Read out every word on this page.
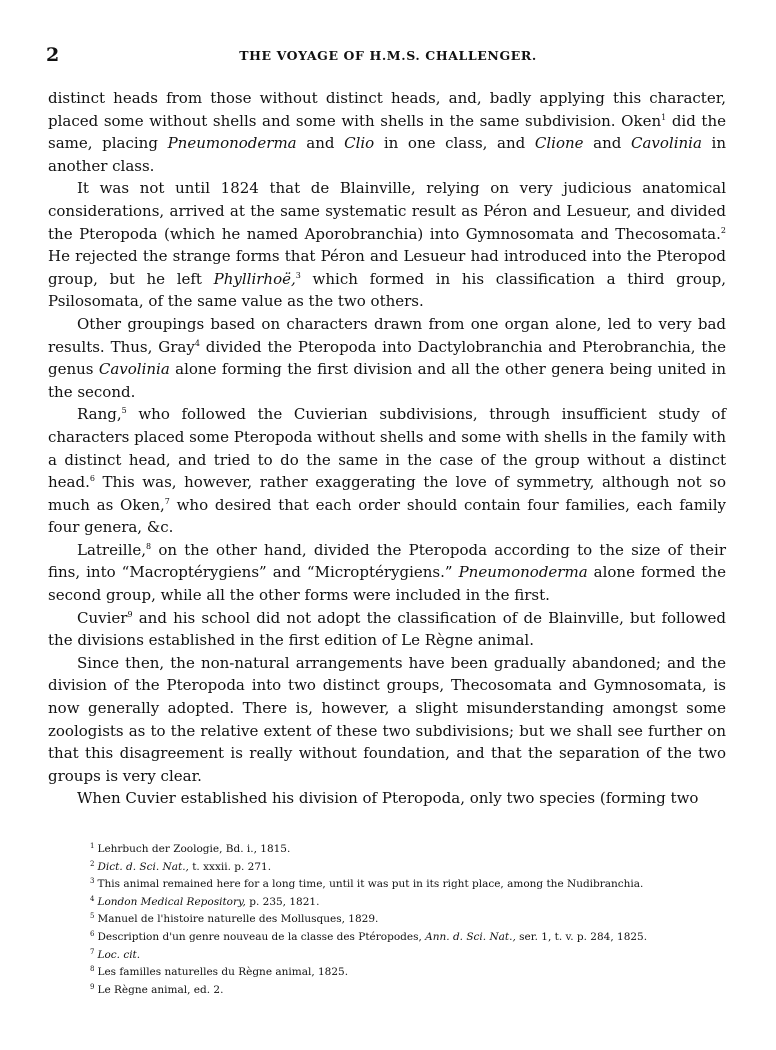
2	THE VOYAGE OF H.M.S. CHALLENGER.

distinct heads from those without distinct heads, and, badly applying this character, placed some without shells and some with shells in the same subdivision. Oken$^1$ did the same, placing Pneumonoderma and Clio in one class, and Clione and Cavolinia in another class.

It was not until 1824 that de Blainville, relying on very judicious anatomical considerations, arrived at the same systematic result as Péron and Lesueur, and divided the Pteropoda (which he named Aporobranchia) into Gymnosomata and Thecosomata.$^2$ He rejected the strange forms that Péron and Lesueur had introduced into the Pteropod group, but he left Phyllirhoë,$^3$ which formed in his classification a third group, Psilosomata, of the same value as the two others.

Other groupings based on characters drawn from one organ alone, led to very bad results. Thus, Gray$^4$ divided the Pteropoda into Dactylobranchia and Pterobranchia, the genus Cavolinia alone forming the first division and all the other genera being united in the second.

Rang,$^5$ who followed the Cuvierian subdivisions, through insufficient study of characters placed some Pteropoda without shells and some with shells in the family with a distinct head, and tried to do the same in the case of the group without a distinct head.$^6$ This was, however, rather exaggerating the love of symmetry, although not so much as Oken,$^7$ who desired that each order should contain four families, each family four genera, &c.

Latreille,$^8$ on the other hand, divided the Pteropoda according to the size of their fins, into “Macroptérygiens” and “Microptérygiens.” Pneumonoderma alone formed the second group, while all the other forms were included in the first.

Cuvier$^9$ and his school did not adopt the classification of de Blainville, but followed the divisions established in the first edition of Le Règne animal.

Since then, the non-natural arrangements have been gradually abandoned; and the division of the Pteropoda into two distinct groups, Thecosomata and Gymnosomata, is now generally adopted. There is, however, a slight misunderstanding amongst some zoologists as to the relative extent of these two subdivisions; but we shall see further on that this disagreement is really without foundation, and that the separation of the two groups is very clear.

When Cuvier established his division of Pteropoda, only two species (forming two

$^1$ Lehrbuch der Zoologie, Bd. i., 1815.
$^2$ Dict. d. Sci. Nat., t. xxxii. p. 271.
$^3$ This animal remained here for a long time, until it was put in its right place, among the Nudibranchia.
$^4$ London Medical Repository, p. 235, 1821.
$^5$ Manuel de l'histoire naturelle des Mollusques, 1829.
$^6$ Description d'un genre nouveau de la classe des Ptéropodes, Ann. d. Sci. Nat., ser. 1, t. v. p. 284, 1825.
$^7$ Loc. cit.
$^8$ Les familles naturelles du Règne animal, 1825.
$^9$ Le Règne animal, ed. 2.
